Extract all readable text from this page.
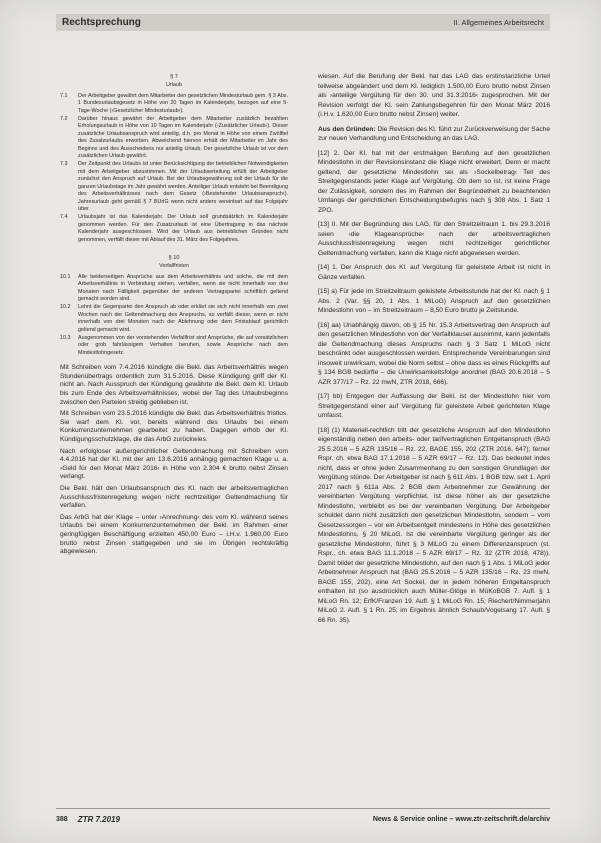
Rechtsprechung	II. Allgemeines Arbeitsrecht

§ 7

Urlaub

7.1	Der Arbeitgeber gewährt dem Mitarbeiter den gesetzlichen Mindesturlaub gem. § 3 Abs. 1 Bundesurlaubsgesetz in Höhe von 20 Tagen im Kalenderjahr, bezogen auf eine 5-Tage-Woche (›Gesetzlicher Mindesturlaub‹).
7.2	Darüber hinaus gewährt der Arbeitgeber dem Mitarbeiter zusätzlich bezahlten Erholungsurlaub in Höhe von 10 Tagen im Kalenderjahr (›Zusätzlicher Urlaub‹). Dieser zusätzliche Urlaubsanspruch wird anteilig, d.h. pro Monat in Höhe von einem Zwölftel des Zusatzurlaubs erworben. Abweichend hiervon erhält der Mitarbeiter im Jahr des Beginns und des Ausscheidens nur anteilig Urlaub. Der gesetzliche Urlaub ist vor dem zusätzlichen Urlaub gewährt.
7.3	Der Zeitpunkt des Urlaubs ist unter Berücksichtigung der betrieblichen Notwendigkeiten mit dem Arbeitgeber abzustimmen. Mit der Urlaubserteilung erfüllt der Arbeitgeber zunächst den Anspruch auf Urlaub. Bei der Urlaubsgewährung soll der Urlaub für die ganzen Urlaubstage im Jahr gewährt werden. Anteiliger Urlaub entsteht bei Beendigung des Arbeitsverhältnisses nach dem Gesetz (›Bestehender Urlaubsanspruch‹). Jahresurlaub geht gemäß § 7 BUrlG wenn nicht anders vereinbart auf das Folgejahr über.
7.4	Urlaubsjahr ist das Kalenderjahr. Der Urlaub soll grundsätzlich im Kalenderjahr genommen werden. Für den Zusatzurlaub ist eine Übertragung in das nächste Kalenderjahr ausgeschlossen. Wird der Urlaub aus betrieblichen Gründen nicht genommen, verfällt dieser mit Ablauf des 31. März des Folgejahres.

§ 10

Verfallfristen

10.1	Alle beiderseitigen Ansprüche aus dem Arbeitsverhältnis und solche, die mit dem Arbeitsverhältnis in Verbindung stehen, verfallen, wenn sie nicht innerhalb von drei Monaten nach Fälligkeit gegenüber der anderen Vertragspartei schriftlich geltend gemacht worden sind.
10.2	Lehnt die Gegenpartei den Anspruch ab oder erklärt sie sich nicht innerhalb von zwei Wochen nach der Geltendmachung des Anspruchs, so verfällt dieser, wenn er nicht innerhalb von drei Monaten nach der Ablehnung oder dem Fristablauf gerichtlich geltend gemacht wird.
10.3	Ausgenommen von der vorstehenden Verfallfrist sind Ansprüche, die auf vorsätzlichem oder grob fahrlässigem Verhalten beruhen, sowie Ansprüche nach dem Mindestlohngesetz.

Mit Schreiben vom 7.4.2016 kündigte die Bekl. das Arbeitsverhältnis wegen Stundenübertrags ordentlich zum 31.5.2016. Diese Kündigung griff der Kl. nicht an. Nach Ausspruch der Kündigung gewährte die Bekl. dem Kl. Urlaub bis zum Ende des Arbeitsverhältnisses, wobei der Tag des Urlaubsbeginns zwischen den Parteien streitig geblieben ist.

Mit Schreiben vom 23.5.2016 kündigte die Bekl. das Arbeitsverhältnis fristlos. Sie warf dem Kl. vor, bereits während des Urlaubs bei einem Konkurrenzunternehmen gearbeitet zu haben. Dagegen erhob der Kl. Kündigungsschutzklage, die das ArbG zurückwies.

Nach erfolgloser außergerichtlicher Geltendmachung mit Schreiben vom 4.4.2016 hat der Kl. mit der am 13.6.2016 anhängig gemachten Klage u. a. ›Geld für den Monat März 2016‹ in Höhe von 2.304 € brutto nebst Zinsen verlangt.

Die Bekl. hält den Urlaubsanspruch des Kl. nach der arbeitsvertraglichen Ausschlussfristenregelung wegen nicht rechtzeitiger Geltendmachung für verfallen.

Das ArbG hat der Klage – unter ›Anrechnung‹ des vom Kl. während seines Urlaubs bei einem Konkurrenzunternehmen der Bekl. im Rahmen einer geringfügigen Beschäftigung erzielten 450,00 Euro – i.H.v. 1.960,00 Euro brutto nebst Zinsen stattgegeben und sie im Übrigen rechtskräftig abgewiesen.

wiesen. Auf die Berufung der Bekl. hat das LAG das erstinstanzliche Urteil teilweise abgeändert und dem Kl. lediglich 1.500,00 Euro brutto nebst Zinsen als ›anteilige Vergütung für den 30. und 31.3.2016‹ zugesprochen. Mit der Revision verfolgt der Kl. sein Zahlungsbegehren für den Monat März 2016 (i.H.v. 1.620,00 Euro brutto nebst Zinsen) weiter.

Aus den Gründen: Die Revision des Kl. führt zur Zurückverweisung der Sache zur neuen Verhandlung und Entscheidung an das LAG.

[12] 2. Der Kl. hat mit der erstmaligen Berufung auf den gesetzlichen Mindestlohn in der Revisionsinstanz die Klage nicht erweitert. Denn er macht geltend, der gesetzliche Mindestlohn sei als ›Sockelbetrag‹ Teil des Streitgegenstands jeder Klage auf Vergütung. Ob dem so ist, ist keine Frage der Zulässigkeit, sondern des im Rahmen der Begründetheit zu beachtenden Umfangs der gerichtlichen Entscheidungsbefugnis nach § 308 Abs. 1 Satz 1 ZPO.

[13] II. Mit der Begründung des LAG, für den Streitzeitraum 1. bis 29.3.2016 seien ›die Klageansprüche‹ nach der arbeitsvertraglichen Ausschlussfristenregelung wegen nicht rechtzeitiger gerichtlicher Geltendmachung verfallen, kann die Klage nicht abgewiesen werden.

[14] 1. Der Anspruch des Kl. auf Vergütung für geleistete Arbeit ist nicht in Gänze verfallen.

[15] a) Für jede im Streitzeitraum geleistete Arbeitsstunde hat der Kl. nach § 1 Abs. 2 (Var. §§ 20, 1 Abs. 1 MiLoG) Anspruch auf den gesetzlichen Mindestlohn von – im Streitzeitraum – 8,50 Euro brutto je Zeitstunde.

[16] aa) Unabhängig davon, ob § 15 Nr. 15.3 Arbeitsvertrag den Anspruch auf den gesetzlichen Mindestlohn von der Verfallklausel ausnimmt, kann jedenfalls die Geltendmachung dieses Anspruchs nach § 3 Satz 1 MiLoG nicht beschränkt oder ausgeschlossen werden. Entsprechende Vereinbarungen sind insoweit unwirksam, wobei die Norm selbst – ohne dass es eines Rückgriffs auf § 134 BGB bedürfte – die Unwirksamkeitsfolge anordnet (BAG 20.6.2018 – 5 AZR 377/17 – Rz. 22 mwN, ZTR 2018, 666).

[17] bb) Entgegen der Auffassung der Bekl. ist der Mindestlohn hier vom Streitgegenstand einer auf Vergütung für geleistete Arbeit gerichteten Klage umfasst.

[18] (1) Materiell-rechtlich tritt der gesetzliche Anspruch auf den Mindestlohn eigenständig neben den arbeits- oder tarifvertraglichen Entgeltanspruch (BAG 25.5.2016 – 5 AZR 135/16 – Rz. 22, BAGE 155, 202 (ZTR 2016, 647); ferner Rspr. ch. etwa BAG 17.1.2018 – 5 AZR 69/17 – Rz. 12). Das bedeutet indes nicht, dass er ohne jeden Zusammenhang zu den sonstigen Grundlagen der Vergütung stünde. Der Arbeitgeber ist nach § 611 Abs. 1 BGB bzw. seit 1. April 2017 nach § 611a Abs. 2 BGB dem Arbeitnehmer zur Gewährung der vereinbarten Vergütung verpflichtet. Ist diese höher als der gesetzliche Mindestlohn, verbleibt es bei der vereinbarten Vergütung. Der Arbeitgeber schuldet dann nicht zusätzlich den gesetzlichen Mindestlohn, sondern – vom Gesetzessorgen – vor ein Arbeitsentgelt mindestens in Höhe des gesetzlichen Mindestlohns, § 20 MiLoG. Ist die vereinbarte Vergütung geringer als der gesetzliche Mindestlohn, führt § 3 MiLoG zu einem Differenzanspruch (st. Rspr., ch. etwa BAG 11.1.2018 – 5 AZR 69/17 – Rz. 32 (ZTR 2018, 478)). Damit bildet der gesetzliche Mindestlohn, auf den nach § 1 Abs. 1 MiLoG jeder Arbeitnehmer Anspruch hat (BAG 25.5.2016 – 5 AZR 135/16 – Rz. 23 mwN, BAGE 155, 202), eine Art Sockel, der in jedem höheren Entgeltanspruch enthalten ist (so ausdrücklich auch Müller-Glöge in MüKoBGB 7. Aufl. § 1 MiLoG Rn. 12; ErfK/Franzen 19. Aufl. § 1 MiLoG Rn. 15; Riechert/Nimmerjahn MiLoG 2. Aufl. § 1 Rn. 25; im Ergebnis ähnlich Schaub/Vogelsang 17. Aufl. § 66 Rn. 35).

388 ZTR 7.2019	News & Service online – www.ztr-zeitschrift.de/archiv
